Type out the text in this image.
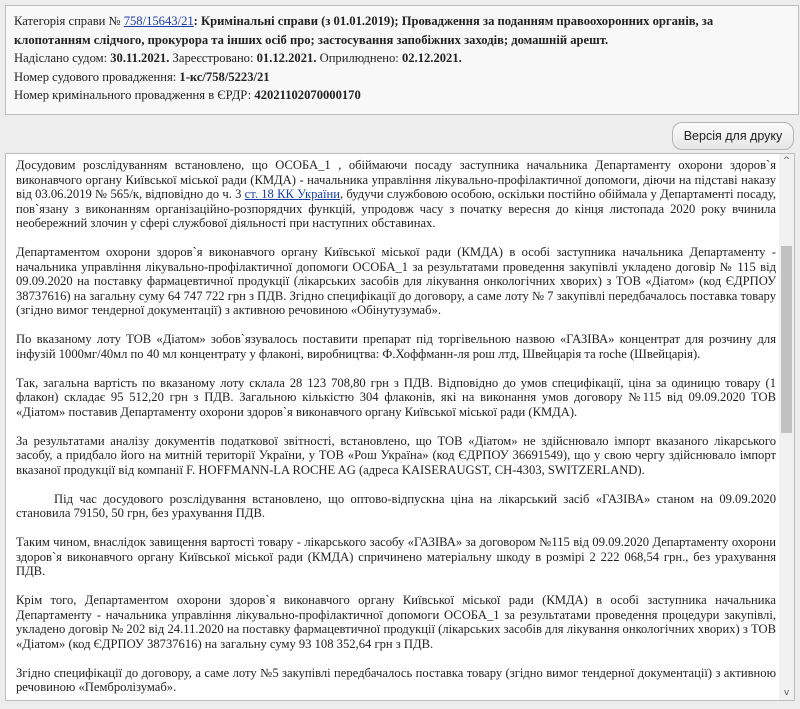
Категорія справи № 758/15643/21: Кримінальні справи (з 01.01.2019); Провадження за поданням правоохоронних органів, за клопотанням слідчого, прокурора та інших осіб про; застосування запобіжних заходів; домашній арешт.
Надіслано судом: 30.11.2021. Зареєстровано: 01.12.2021. Оприлюднено: 02.12.2021.
Номер судового провадження: 1-кс/758/5223/21
Номер кримінального провадження в ЄРДР: 42021102070000170
Версія для друку

Досудовим розслідуванням встановлено, що ОСОБА_1 , обіймаючи посаду заступника начальника Департаменту охорони здоров`я виконавчого органу Київської міської ради (КМДА) - начальника управління лікувально-профілактичної допомоги, діючи на підставі наказу від 03.06.2019 № 565/к, відповідно до ч. 3 ст. 18 КК України, будучи службовою особою, оскільки постійно обіймала у Департаменті посаду, пов`язану з виконанням організаційно-розпорядчих функцій, упродовж часу з початку вересня до кінця листопада 2020 року вчинила необережний злочин у сфері службової діяльності при наступних обставинах.

Департаментом охорони здоров`я виконавчого органу Київської міської ради (КМДА) в особі заступника начальника Департаменту - начальника управління лікувально-профілактичної допомоги ОСОБА_1 за результатами проведення закупівлі укладено договір № 115 від 09.09.2020 на поставку фармацевтичної продукції (лікарських засобів для лікування онкологічних хворих) з ТОВ «Діатом» (код ЄДРПОУ 38737616) на загальну суму 64 747 722 грн з ПДВ. Згідно специфікації до договору, а саме лоту № 7 закупівлі передбачалось поставка товару (згідно вимог тендерної документації) з активною речовиною «Обінутузумаб».

По вказаному лоту ТОВ «Діатом» зобов`язувалось поставити препарат під торгівельною назвою «ГАЗІВА» концентрат для розчину для інфузій 1000мг/40мл по 40 мл концентрату у флаконі, виробництва: Ф.Хоффманн-ля рош лтд, Швейцарія та roche (Швейцарія).

Так, загальна вартість по вказаному лоту склала 28 123 708,80 грн з ПДВ. Відповідно до умов специфікації, ціна за одиницю товару (1 флакон) складає 95 512,20 грн з ПДВ. Загальною кількістю 304 флаконів, які на виконання умов договору №115 від 09.09.2020 ТОВ «Діатом» поставив Департаменту охорони здоров`я виконавчого органу Київської міської ради (КМДА).

За результатами аналізу документів податкової звітності, встановлено, що ТОВ «Діатом» не здійснювало імпорт вказаного лікарського засобу, а придбало його на митній території України, у ТОВ «Рош Україна» (код ЄДРПОУ 36691549), що у свою чергу здійснювало імпорт вказаної продукції від компанії F. HOFFMANN-LA ROCHE AG (адреса KAISERAUGST, CH-4303, SWITZERLAND).

Під час досудового розслідування встановлено, що оптово-відпускна ціна на лікарський засіб «ГАЗІВА» станом на 09.09.2020 становила 79150, 50 грн, без урахування ПДВ.

Таким чином, внаслідок завищення вартості товару - лікарського засобу «ГАЗІВА» за договором №115 від 09.09.2020 Департаменту охорони здоров`я виконавчого органу Київської міської ради (КМДА) спричинено матеріальну шкоду в розмірі 2 222 068,54 грн., без урахування ПДВ.

Крім того, Департаментом охорони здоров`я виконавчого органу Київської міської ради (КМДА) в особі заступника начальника Департаменту - начальника управління лікувально-профілактичної допомоги ОСОБА_1 за результатами проведення процедури закупівлі, укладено договір № 202 від 24.11.2020 на поставку фармацевтичної продукції (лікарських засобів для лікування онкологічних хворих) з ТОВ «Діатом» (код ЄДРПОУ 38737616) на загальну суму 93 108 352,64 грн з ПДВ.

Згідно специфікації до договору, а саме лоту №5 закупівлі передбачалось поставка товару (згідно вимог тендерної документації) з активною речовиною «Пембролізумаб».

^
v
